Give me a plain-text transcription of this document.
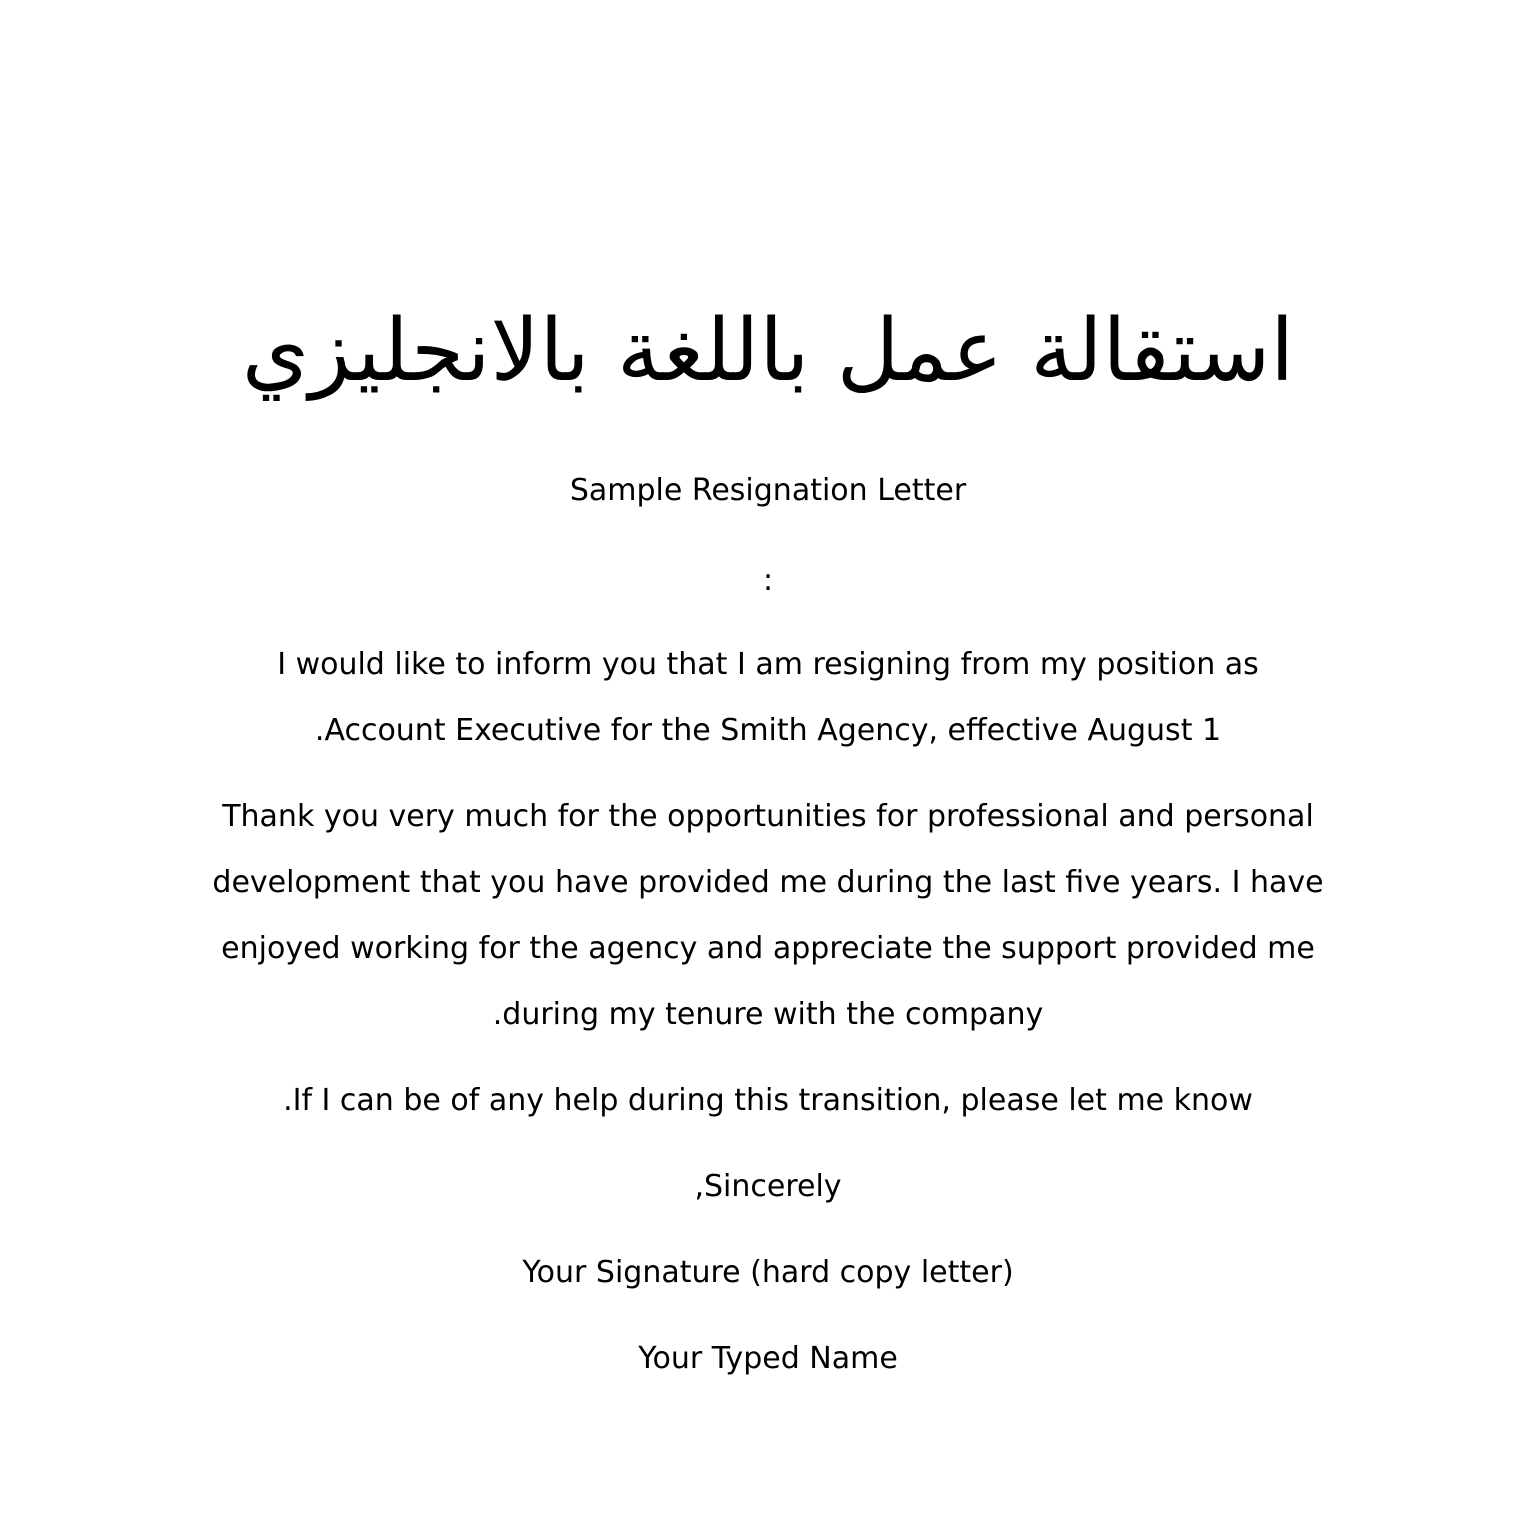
استقالة عمل باللغة بالانجليزي
Sample Resignation Letter
:
I would like to inform you that I am resigning from my position as
.Account Executive for the Smith Agency, effective August 1
Thank you very much for the opportunities for professional and personal
development that you have provided me during the last five years. I have
enjoyed working for the agency and appreciate the support provided me
.during my tenure with the company
.If I can be of any help during this transition, please let me know
,Sincerely
Your Signature (hard copy letter)
Your Typed Name
